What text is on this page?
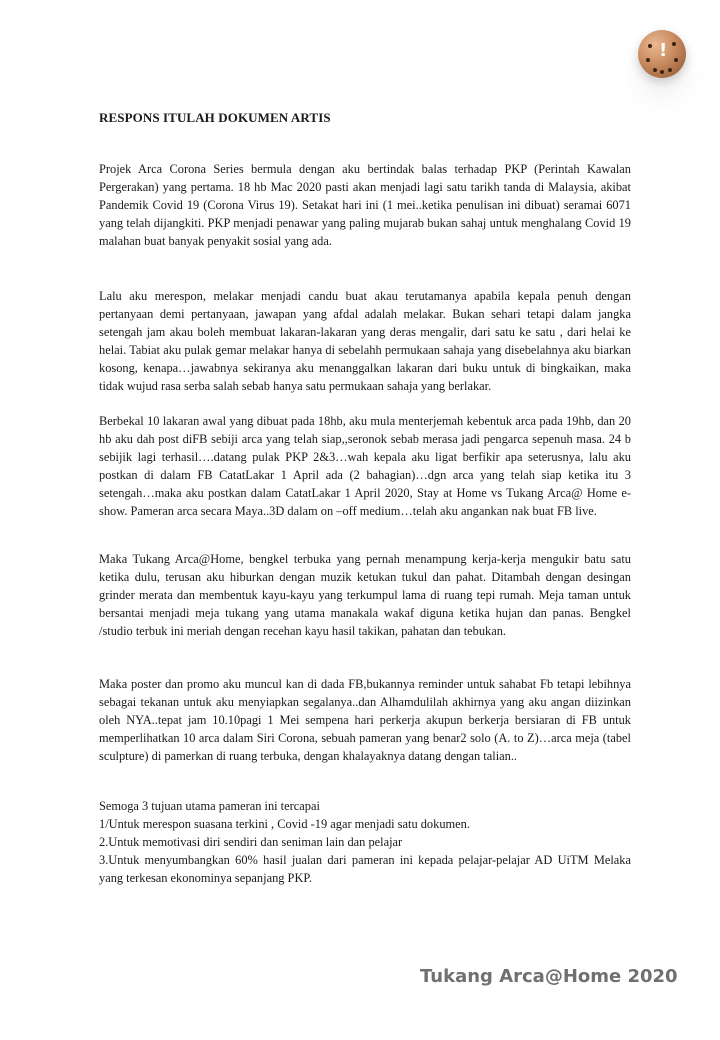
!
RESPONS ITULAH DOKUMEN ARTIS

Projek Arca Corona Series bermula dengan aku bertindak balas terhadap PKP (Perintah Kawalan Pergerakan) yang pertama. 18 hb Mac 2020 pasti akan menjadi lagi satu tarikh tanda di Malaysia, akibat Pandemik Covid 19 (Corona Virus 19). Setakat hari ini (1 mei..ketika penulisan ini dibuat) seramai 6071 yang telah dijangkiti. PKP menjadi penawar yang paling mujarab bukan sahaj untuk menghalang Covid 19 malahan buat banyak penyakit sosial yang ada.

Lalu aku merespon, melakar menjadi candu buat akau terutamanya apabila kepala penuh dengan pertanyaan demi pertanyaan, jawapan yang afdal adalah melakar. Bukan sehari tetapi dalam jangka setengah jam akau boleh membuat lakaran-lakaran yang deras mengalir, dari satu ke satu , dari helai ke helai. Tabiat aku pulak gemar melakar hanya di sebelahh permukaan sahaja yang disebelahnya aku biarkan kosong, kenapa…jawabnya sekiranya aku menanggalkan lakaran dari buku untuk di bingkaikan, maka tidak wujud rasa serba salah sebab hanya satu permukaan sahaja yang berlakar.

Berbekal 10 lakaran awal yang dibuat pada 18hb, aku mula menterjemah kebentuk arca pada 19hb, dan 20 hb aku dah post diFB sebiji arca yang telah siap,,seronok sebab merasa jadi pengarca sepenuh masa. 24 b sebijik lagi terhasil….datang pulak PKP 2&3…wah kepala aku ligat berfikir apa seterusnya, lalu aku postkan di dalam FB CatatLakar 1 April ada (2 bahagian)…dgn arca yang telah siap ketika itu 3 setengah…maka aku postkan dalam CatatLakar 1 April 2020, Stay at Home vs Tukang Arca@ Home e-show. Pameran arca secara Maya..3D dalam on –off medium…telah aku angankan nak buat FB live.

Maka Tukang Arca@Home, bengkel terbuka yang pernah menampung kerja-kerja mengukir batu satu ketika dulu, terusan aku hiburkan dengan muzik ketukan tukul dan pahat. Ditambah dengan desingan grinder merata dan membentuk kayu-kayu yang terkumpul lama di ruang tepi rumah. Meja taman untuk bersantai menjadi meja tukang yang utama manakala wakaf diguna ketika hujan dan panas. Bengkel /studio terbuk ini meriah dengan recehan kayu hasil takikan, pahatan dan tebukan.

Maka poster dan promo aku muncul kan di dada FB,bukannya reminder untuk sahabat Fb tetapi lebihnya sebagai tekanan untuk aku menyiapkan segalanya..dan Alhamdulilah akhirnya yang aku angan diizinkan oleh NYA..tepat jam 10.10pagi 1 Mei sempena hari perkerja akupun berkerja bersiaran di FB untuk memperlihatkan 10 arca dalam Siri Corona, sebuah pameran yang benar2 solo (A. to Z)…arca meja (tabel sculpture) di pamerkan di ruang terbuka, dengan khalayaknya datang dengan talian..

Semoga 3 tujuan utama pameran ini tercapai

1/Untuk merespon suasana terkini , Covid -19 agar menjadi satu dokumen.

2.Untuk memotivasi diri sendiri dan seniman lain dan pelajar

3.Untuk menyumbangkan 60% hasil jualan dari pameran ini kepada pelajar-pelajar AD UiTM Melaka yang terkesan ekonominya sepanjang PKP.

Tukang Arca@Home 2020
